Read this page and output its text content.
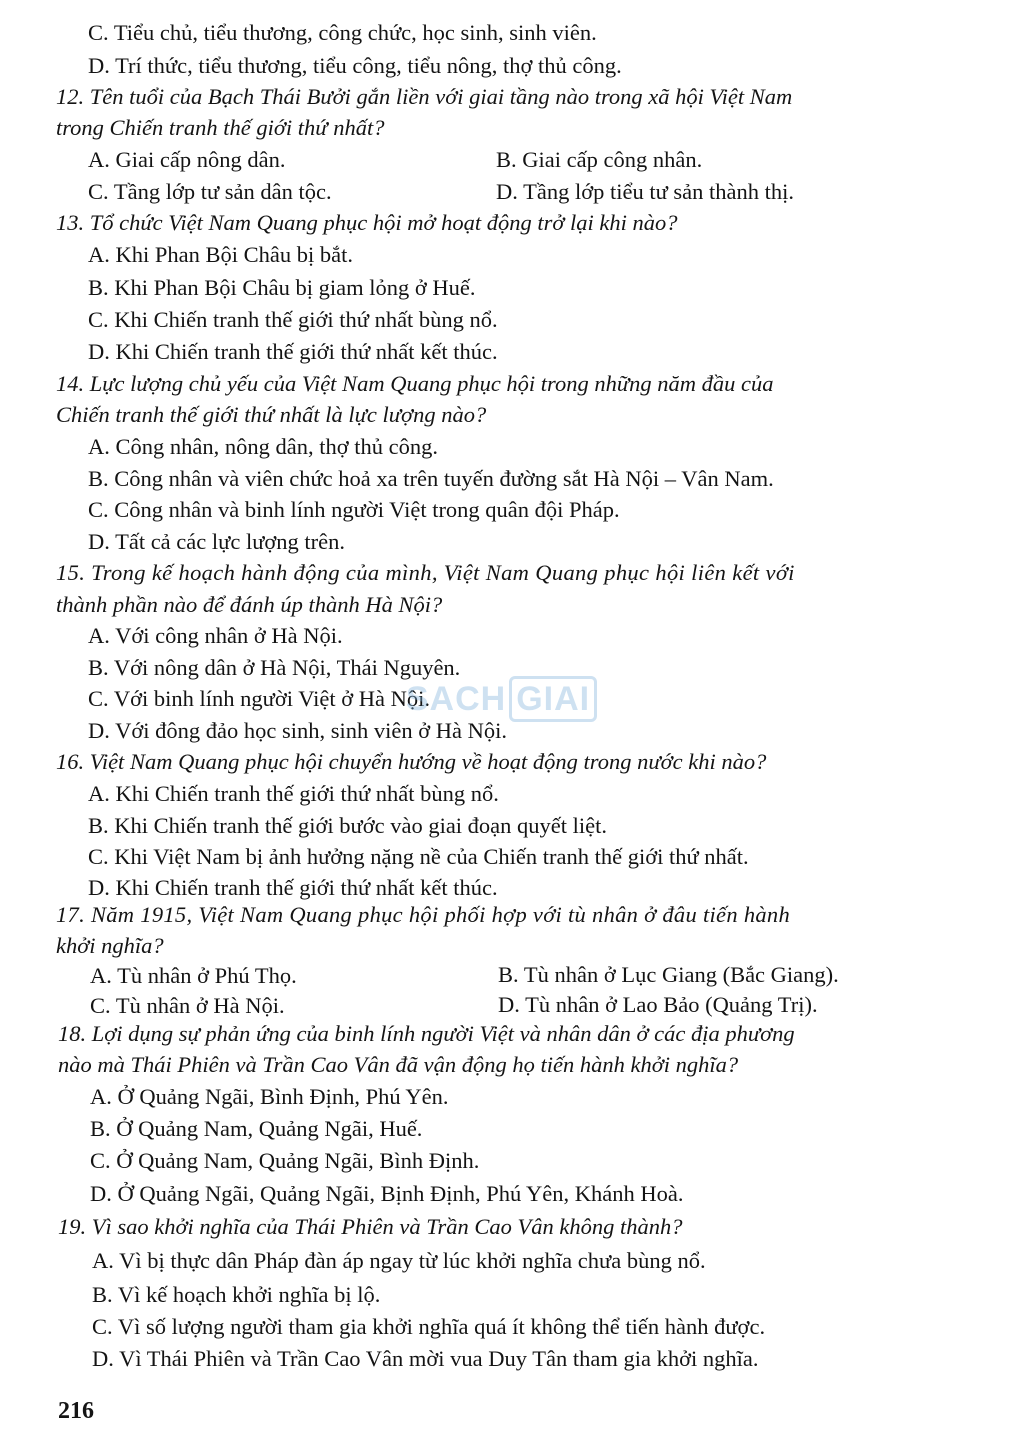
C. Tiểu chủ, tiểu thương, công chức, học sinh, sinh viên.
D. Trí thức, tiểu thương, tiểu công, tiểu nông, thợ thủ công.
12. Tên tuổi của Bạch Thái Bưởi gắn liền với giai tầng nào trong xã hội Việt Nam
trong Chiến tranh thế giới thứ nhất?
A. Giai cấp nông dân.	B. Giai cấp công nhân.
C. Tầng lớp tư sản dân tộc.	D. Tầng lớp tiểu tư sản thành thị.
13. Tổ chức Việt Nam Quang phục hội mở hoạt động trở lại khi nào?
A. Khi Phan Bội Châu bị bắt.
B. Khi Phan Bội Châu bị giam lỏng ở Huế.
C. Khi Chiến tranh thế giới thứ nhất bùng nổ.
D. Khi Chiến tranh thế giới thứ nhất kết thúc.
14. Lực lượng chủ yếu của Việt Nam Quang phục hội trong những năm đầu của
Chiến tranh thế giới thứ nhất là lực lượng nào?
A. Công nhân, nông dân, thợ thủ công.
B. Công nhân và viên chức hoả xa trên tuyến đường sắt Hà Nội – Vân Nam.
C. Công nhân và binh lính người Việt trong quân đội Pháp.
D. Tất cả các lực lượng trên.
15. Trong kế hoạch hành động của mình, Việt Nam Quang phục hội liên kết với
thành phần nào để đánh úp thành Hà Nội?
A. Với công nhân ở Hà Nội.
B. Với nông dân ở Hà Nội, Thái Nguyên.
C. Với binh lính người Việt ở Hà Nội.
D. Với đông đảo học sinh, sinh viên ở Hà Nội.
16. Việt Nam Quang phục hội chuyển hướng về hoạt động trong nước khi nào?
A. Khi Chiến tranh thế giới thứ nhất bùng nổ.
B. Khi Chiến tranh thế giới bước vào giai đoạn quyết liệt.
C. Khi Việt Nam bị ảnh hưởng nặng nề của Chiến tranh thế giới thứ nhất.
D. Khi Chiến tranh thế giới thứ nhất kết thúc.
17. Năm 1915, Việt Nam Quang phục hội phối hợp với tù nhân ở đâu tiến hành
khởi nghĩa?
A. Tù nhân ở Phú Thọ.	B. Tù nhân ở Lục Giang (Bắc Giang).
C. Tù nhân ở Hà Nội.	D. Tù nhân ở Lao Bảo (Quảng Trị).
18. Lợi dụng sự phản ứng của binh lính người Việt và nhân dân ở các địa phương
nào mà Thái Phiên và Trần Cao Vân đã vận động họ tiến hành khởi nghĩa?
A. Ở Quảng Ngãi, Bình Định, Phú Yên.
B. Ở Quảng Nam, Quảng Ngãi, Huế.
C. Ở Quảng Nam, Quảng Ngãi, Bình Định.
D. Ở Quảng Ngãi, Quảng Ngãi, Bịnh Định, Phú Yên, Khánh Hoà.
19. Vì sao khởi nghĩa của Thái Phiên và Trần Cao Vân không thành?
A. Vì bị thực dân Pháp đàn áp ngay từ lúc khởi nghĩa chưa bùng nổ.
B. Vì kế hoạch khởi nghĩa bị lộ.
C. Vì số lượng người tham gia khởi nghĩa quá ít không thể tiến hành được.
D. Vì Thái Phiên và Trần Cao Vân mời vua Duy Tân tham gia khởi nghĩa.
SACH GIAI
216
